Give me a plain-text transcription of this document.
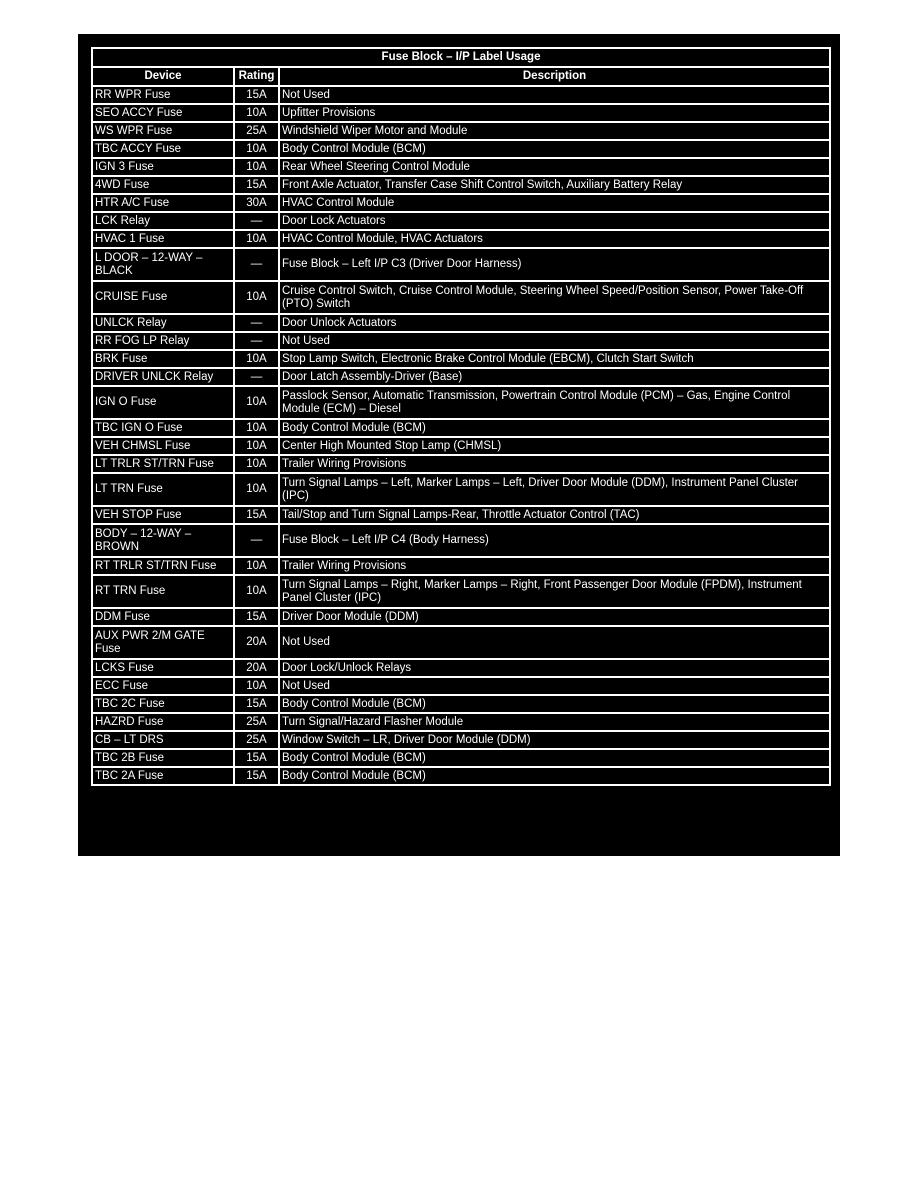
Fuse Block – I/P Label Usage		
Device	Rating	Description
RR WPR Fuse	15A	Not Used
SEO ACCY Fuse	10A	Upfitter Provisions
WS WPR Fuse	25A	Windshield Wiper Motor and Module
TBC ACCY Fuse	10A	Body Control Module (BCM)
IGN 3 Fuse	10A	Rear Wheel Steering Control Module
4WD Fuse	15A	Front Axle Actuator, Transfer Case Shift Control Switch, Auxiliary Battery Relay
HTR A/C Fuse	30A	HVAC Control Module
LCK Relay	—	Door Lock Actuators
HVAC 1 Fuse	10A	HVAC Control Module, HVAC Actuators
L DOOR – 12-WAY – BLACK	—	Fuse Block – Left I/P C3 (Driver Door Harness)
CRUISE Fuse	10A	Cruise Control Switch, Cruise Control Module, Steering Wheel Speed/Position Sensor, Power Take-Off (PTO) Switch
UNLCK Relay	—	Door Unlock Actuators
RR FOG LP Relay	—	Not Used
BRK Fuse	10A	Stop Lamp Switch, Electronic Brake Control Module (EBCM), Clutch Start Switch
DRIVER UNLCK Relay	—	Door Latch Assembly-Driver (Base)
IGN O Fuse	10A	Passlock Sensor, Automatic Transmission, Powertrain Control Module (PCM) – Gas, Engine Control Module (ECM) – Diesel
TBC IGN O Fuse	10A	Body Control Module (BCM)
VEH CHMSL Fuse	10A	Center High Mounted Stop Lamp (CHMSL)
LT TRLR ST/TRN Fuse	10A	Trailer Wiring Provisions
LT TRN Fuse	10A	Turn Signal Lamps – Left, Marker Lamps – Left, Driver Door Module (DDM), Instrument Panel Cluster (IPC)
VEH STOP Fuse	15A	Tail/Stop and Turn Signal Lamps-Rear, Throttle Actuator Control (TAC)
BODY – 12-WAY – BROWN	—	Fuse Block – Left I/P C4 (Body Harness)
RT TRLR ST/TRN Fuse	10A	Trailer Wiring Provisions
RT TRN Fuse	10A	Turn Signal Lamps – Right, Marker Lamps – Right, Front Passenger Door Module (FPDM), Instrument Panel Cluster (IPC)
DDM Fuse	15A	Driver Door Module (DDM)
AUX PWR 2/M GATE Fuse	20A	Not Used
LCKS Fuse	20A	Door Lock/Unlock Relays
ECC Fuse	10A	Not Used
TBC 2C Fuse	15A	Body Control Module (BCM)
HAZRD Fuse	25A	Turn Signal/Hazard Flasher Module
CB – LT DRS	25A	Window Switch – LR, Driver Door Module (DDM)
TBC 2B Fuse	15A	Body Control Module (BCM)
TBC 2A Fuse	15A	Body Control Module (BCM)
